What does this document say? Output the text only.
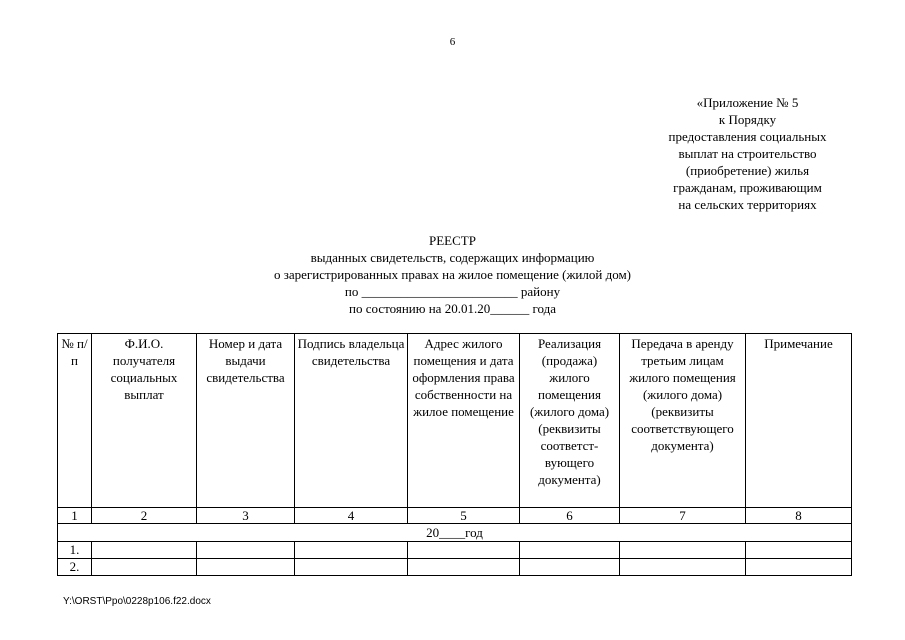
6
«Приложение № 5
к Порядку
предоставления социальных
выплат на строительство
(приобретение) жилья
гражданам, проживающим
на сельских территориях
РЕЕСТР
выданных свидетельств, содержащих информацию
о зарегистрированных правах на жилое помещение (жилой дом)
по ________________________ району
по состоянию на 20.01.20______ года
№ п/п	Ф.И.О. получателя социальных выплат	Номер и дата выдачи свидетельства	Подпись владельца свидетельства	Адрес жилого помещения и дата оформления права собственности на жилое помещение	Реализация (продажа) жилого помещения (жилого дома) (реквизиты соответст-вующего документа)	Передача в аренду третьим лицам жилого помещения (жилого дома) (реквизиты соответствующего документа)	Примечание
1	2	3	4	5	6	7	8
20____год							
1.							
2.							
Y:\ORST\Ppo\0228p106.f22.docx
